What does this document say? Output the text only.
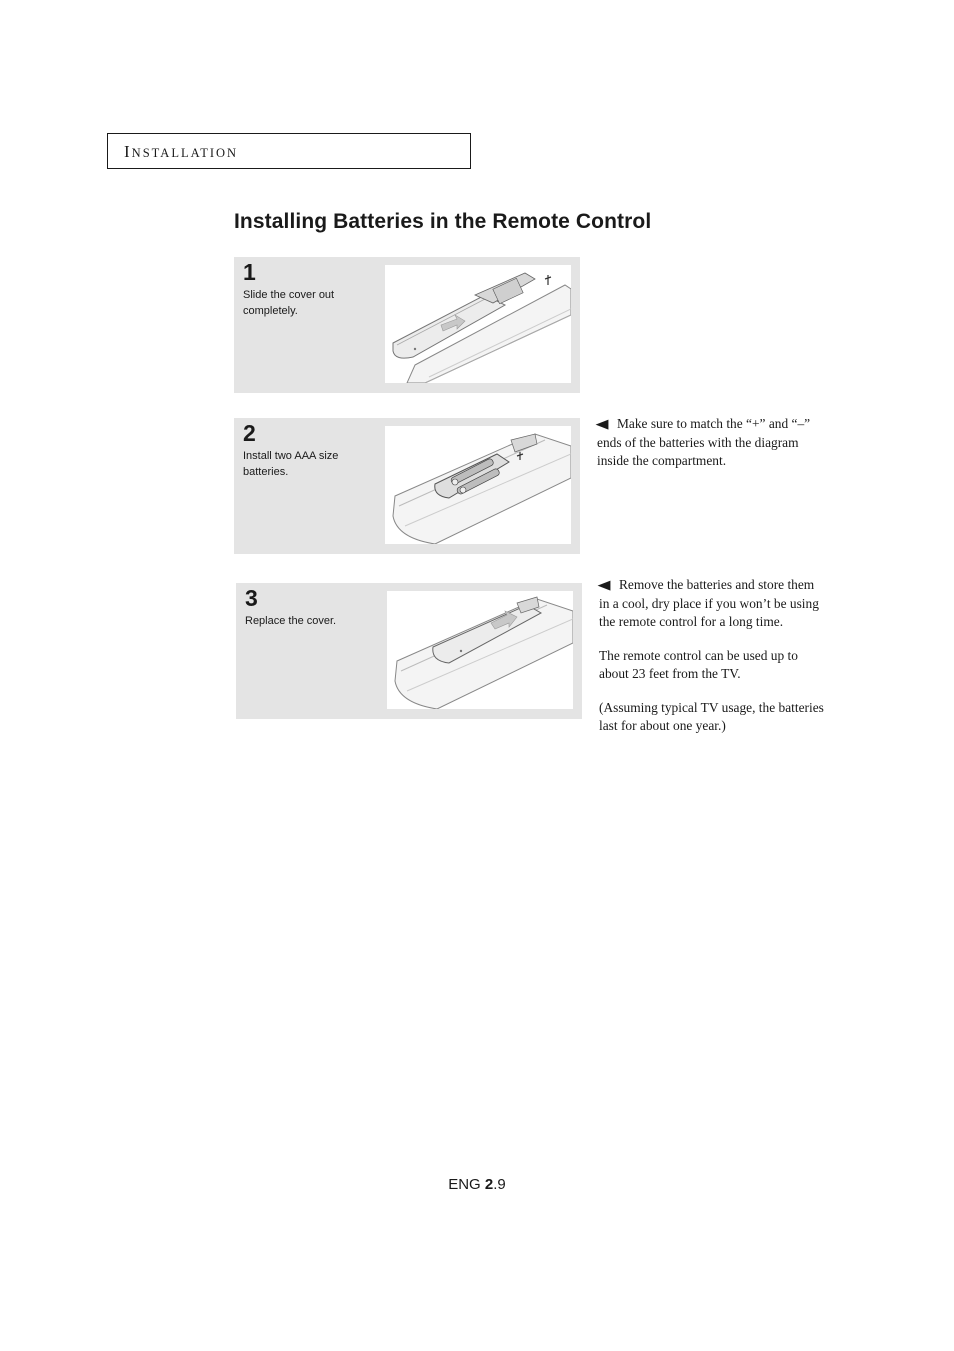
INSTALLATION
Installing Batteries in the Remote Control
1
Slide the cover out completely.
2
Install two AAA size batteries.
3
Replace the cover.
◀ Make sure to match the “+” and “–” ends of the batteries with the diagram inside the compartment.

◀ Remove the batteries and store them in a cool, dry place if you won’t be using the remote control for a long time.

The remote control can be used up to about 23 feet from the TV.

(Assuming typical TV usage, the batteries last for about one year.)

ENG 2.9
